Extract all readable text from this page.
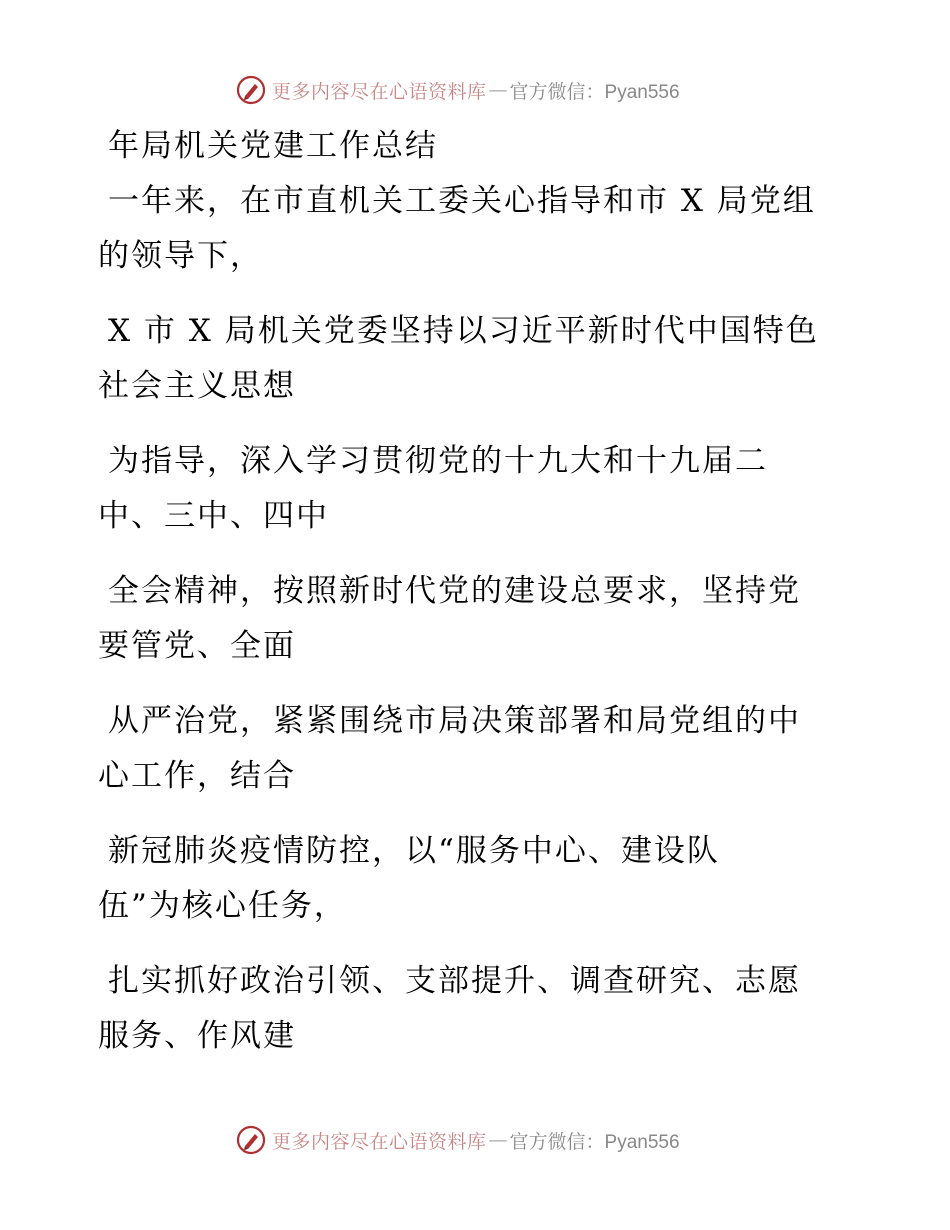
更多内容尽在心语资料库 — 官方微信：Pyan556
年局机关党建工作总结
一年来，在市直机关工委关心指导和市 X 局党组
的领导下，
X 市 X 局机关党委坚持以习近平新时代中国特色
社会主义思想
为指导，深入学习贯彻党的十九大和十九届二
中、三中、四中
全会精神，按照新时代党的建设总要求，坚持党
要管党、全面
从严治党，紧紧围绕市局决策部署和局党组的中
心工作，结合
新冠肺炎疫情防控，以“服务中心、建设队
伍”为核心任务，
扎实抓好政治引领、支部提升、调查研究、志愿
服务、作风建
更多内容尽在心语资料库 — 官方微信：Pyan556
